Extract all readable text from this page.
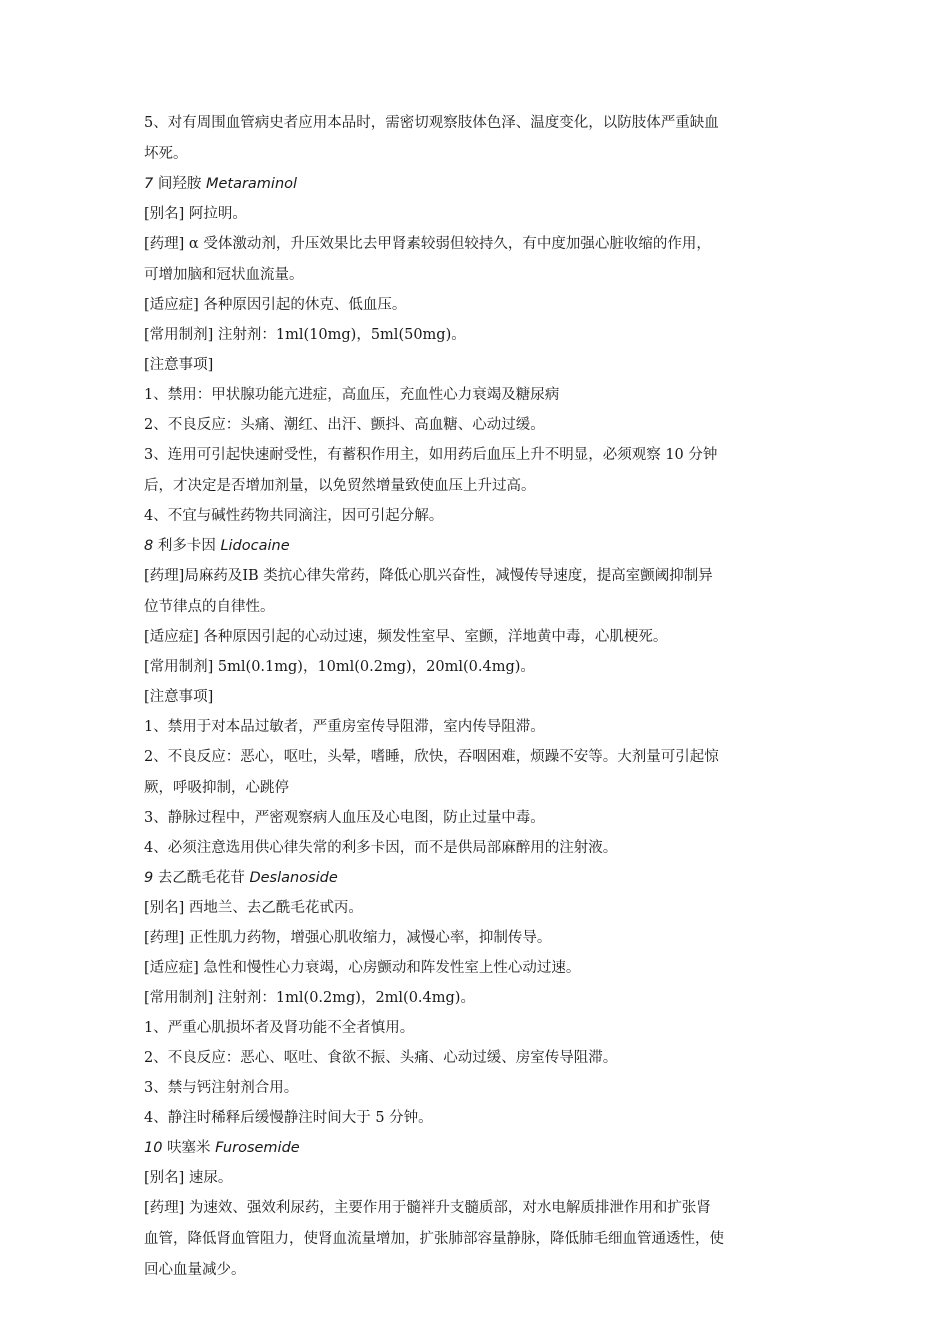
5、对有周围血管病史者应用本品时，需密切观察肢体色泽、温度变化，以防肢体严重缺血
坏死。
7 间羟胺 Metaraminol
[别名] 阿拉明。
[药理] α 受体激动剂，升压效果比去甲肾素较弱但较持久，有中度加强心脏收缩的作用，
可增加脑和冠状血流量。
[适应症] 各种原因引起的休克、低血压。
[常用制剂] 注射剂：1ml(10mg)，5ml(50mg)。
[注意事项]
1、禁用：甲状腺功能亢进症，高血压，充血性心力衰竭及糖尿病
2、不良反应：头痛、潮红、出汗、颤抖、高血糖、心动过缓。
3、连用可引起快速耐受性，有蓄积作用主，如用药后血压上升不明显，必须观察 10 分钟
后，才决定是否增加剂量，以免贸然增量致使血压上升过高。
4、不宜与碱性药物共同滴注，因可引起分解。
8 利多卡因 Lidocaine
[药理]局麻药及ⅠB 类抗心律失常药，降低心肌兴奋性，减慢传导速度，提高室颤阈抑制异
位节律点的自律性。
[适应症] 各种原因引起的心动过速，频发性室早、室颤，洋地黄中毒，心肌梗死。
[常用制剂] 5ml(0.1mg)，10ml(0.2mg)，20ml(0.4mg)。
[注意事项]
1、禁用于对本品过敏者，严重房室传导阻滞，室内传导阻滞。
2、不良反应：恶心，呕吐，头晕，嗜睡，欣快，吞咽困难，烦躁不安等。大剂量可引起惊
厥，呼吸抑制，心跳停
3、静脉过程中，严密观察病人血压及心电图，防止过量中毒。
4、必须注意选用供心律失常的利多卡因，而不是供局部麻醉用的注射液。
9 去乙酰毛花苷 Deslanoside
[别名] 西地兰、去乙酰毛花甙丙。
[药理] 正性肌力药物，增强心肌收缩力，减慢心率，抑制传导。
[适应症] 急性和慢性心力衰竭，心房颤动和阵发性室上性心动过速。
[常用制剂] 注射剂：1ml(0.2mg)，2ml(0.4mg)。
1、严重心肌损坏者及肾功能不全者慎用。
2、不良反应：恶心、呕吐、食欲不振、头痛、心动过缓、房室传导阻滞。
3、禁与钙注射剂合用。
4、静注时稀释后缓慢静注时间大于 5 分钟。
10 呋塞米 Furosemide
[别名] 速尿。
[药理] 为速效、强效利尿药，主要作用于髓袢升支髓质部，对水电解质排泄作用和扩张肾
血管，降低肾血管阻力，使肾血流量增加，扩张肺部容量静脉，降低肺毛细血管通透性，使
回心血量减少。
